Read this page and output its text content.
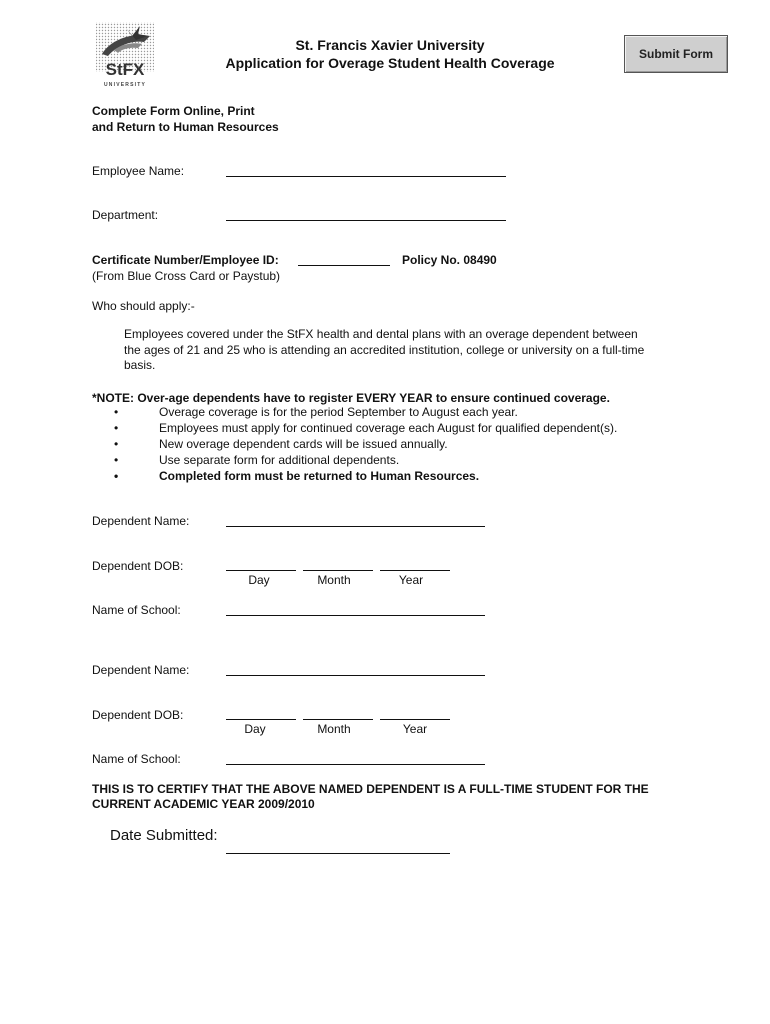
StFX
UNIVERSITY
St. Francis Xavier University
Application for Overage Student Health Coverage
Submit Form
Complete Form Online, Print
and Return to Human Resources
Employee Name:
Department:
Certificate Number/Employee ID:	Policy No. 08490
(From Blue Cross Card or Paystub)
Who should apply:-
Employees covered under the StFX health and dental plans with an overage dependent between
the ages of 21 and 25 who is attending an accredited institution, college or university on a full-time
basis.
*NOTE: Over-age dependents have to register EVERY YEAR to ensure continued coverage.
•	Overage coverage is for the period September to August each year.
•	Employees must apply for continued coverage each August for qualified dependent(s).
•	New overage dependent cards will be issued annually.
•	Use separate form for additional dependents.
•	Completed form must be returned to Human Resources.
Dependent Name:
Dependent DOB:
Day	Month	Year
Name of School:
Dependent Name:
Dependent DOB:
Day	Month	Year
Name of School:
THIS IS TO CERTIFY THAT THE ABOVE NAMED DEPENDENT IS A FULL-TIME STUDENT FOR THE
CURRENT ACADEMIC YEAR 2009/2010
Date Submitted:
